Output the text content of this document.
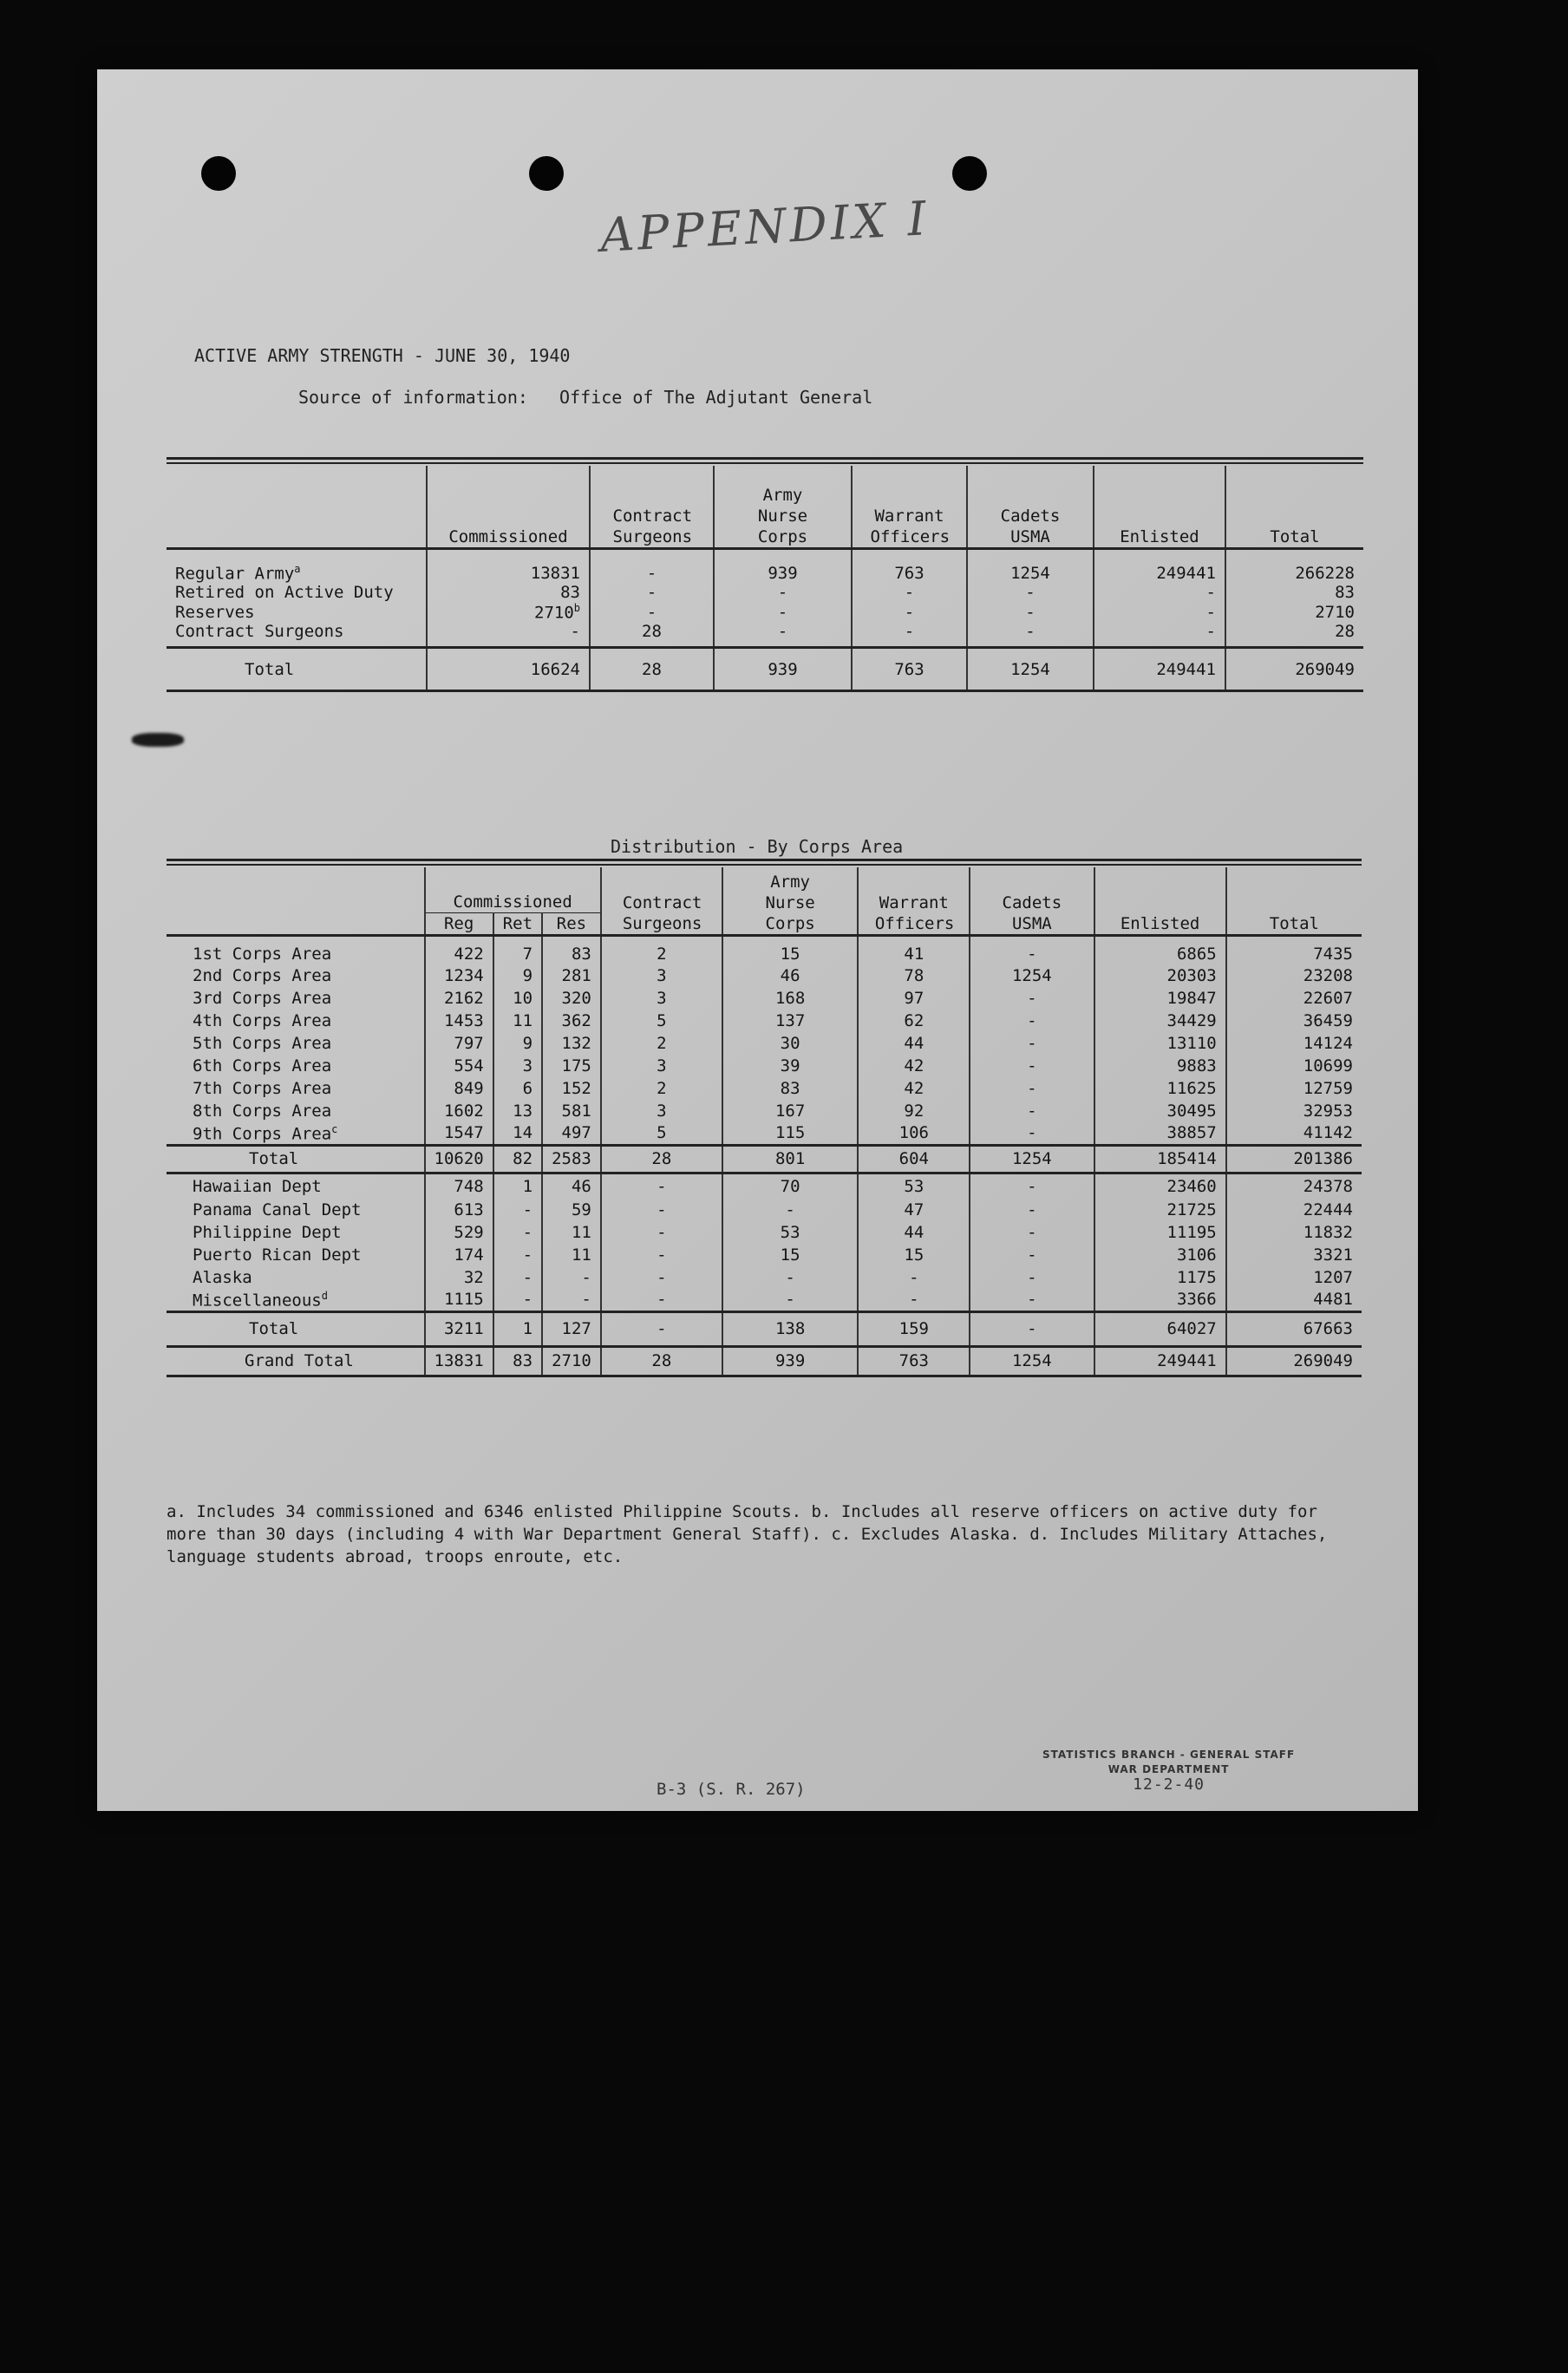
APPENDIX I
ACTIVE ARMY STRENGTH - JUNE 30, 1940
Source of information:   Office of The Adjutant General
	Commissioned	Contract Surgeons	Army Nurse Corps	Warrant Officers	Cadets USMA	Enlisted	Total
Regular Army$^a$	13831	-	939	763	1254	249441	266228
Retired on Active Duty	83	-	-	-	-	-	83
Reserves	2710$^b$	-	-	-	-	-	2710
Contract Surgeons	-	28	-	-	-	-	28
Total	16624	28	939	763	1254	249441	269049
Distribution - By Corps Area
	Commissioned			Contract Surgeons	Army Nurse Corps	Warrant Officers	Cadets USMA	Enlisted	Total
	Reg	Ret	Res						
1st Corps Area	422	7	83	2	15	41	-	6865	7435
2nd Corps Area	1234	9	281	3	46	78	1254	20303	23208
3rd Corps Area	2162	10	320	3	168	97	-	19847	22607
4th Corps Area	1453	11	362	5	137	62	-	34429	36459
5th Corps Area	797	9	132	2	30	44	-	13110	14124
6th Corps Area	554	3	175	3	39	42	-	9883	10699
7th Corps Area	849	6	152	2	83	42	-	11625	12759
8th Corps Area	1602	13	581	3	167	92	-	30495	32953
9th Corps Area$^c$	1547	14	497	5	115	106	-	38857	41142
Total	10620	82	2583	28	801	604	1254	185414	201386
Hawaiian Dept	748	1	46	-	70	53	-	23460	24378
Panama Canal Dept	613	-	59	-	-	47	-	21725	22444
Philippine Dept	529	-	11	-	53	44	-	11195	11832
Puerto Rican Dept	174	-	11	-	15	15	-	3106	3321
Alaska	32	-	-	-	-	-	-	1175	1207
Miscellaneous$^d$	1115	-	-	-	-	-	-	3366	4481
Total	3211	1	127	-	138	159	-	64027	67663
Grand Total	13831	83	2710	28	939	763	1254	249441	269049
a. Includes 34 commissioned and 6346 enlisted Philippine Scouts. b. Includes all reserve officers on active duty for more than 30 days (including 4 with War Department General Staff). c. Excludes Alaska. d. Includes Military Attaches, language students abroad, troops enroute, etc.
B-3 (S. R. 267)
STATISTICS BRANCH - GENERAL STAFF
WAR DEPARTMENT
12-2-40
